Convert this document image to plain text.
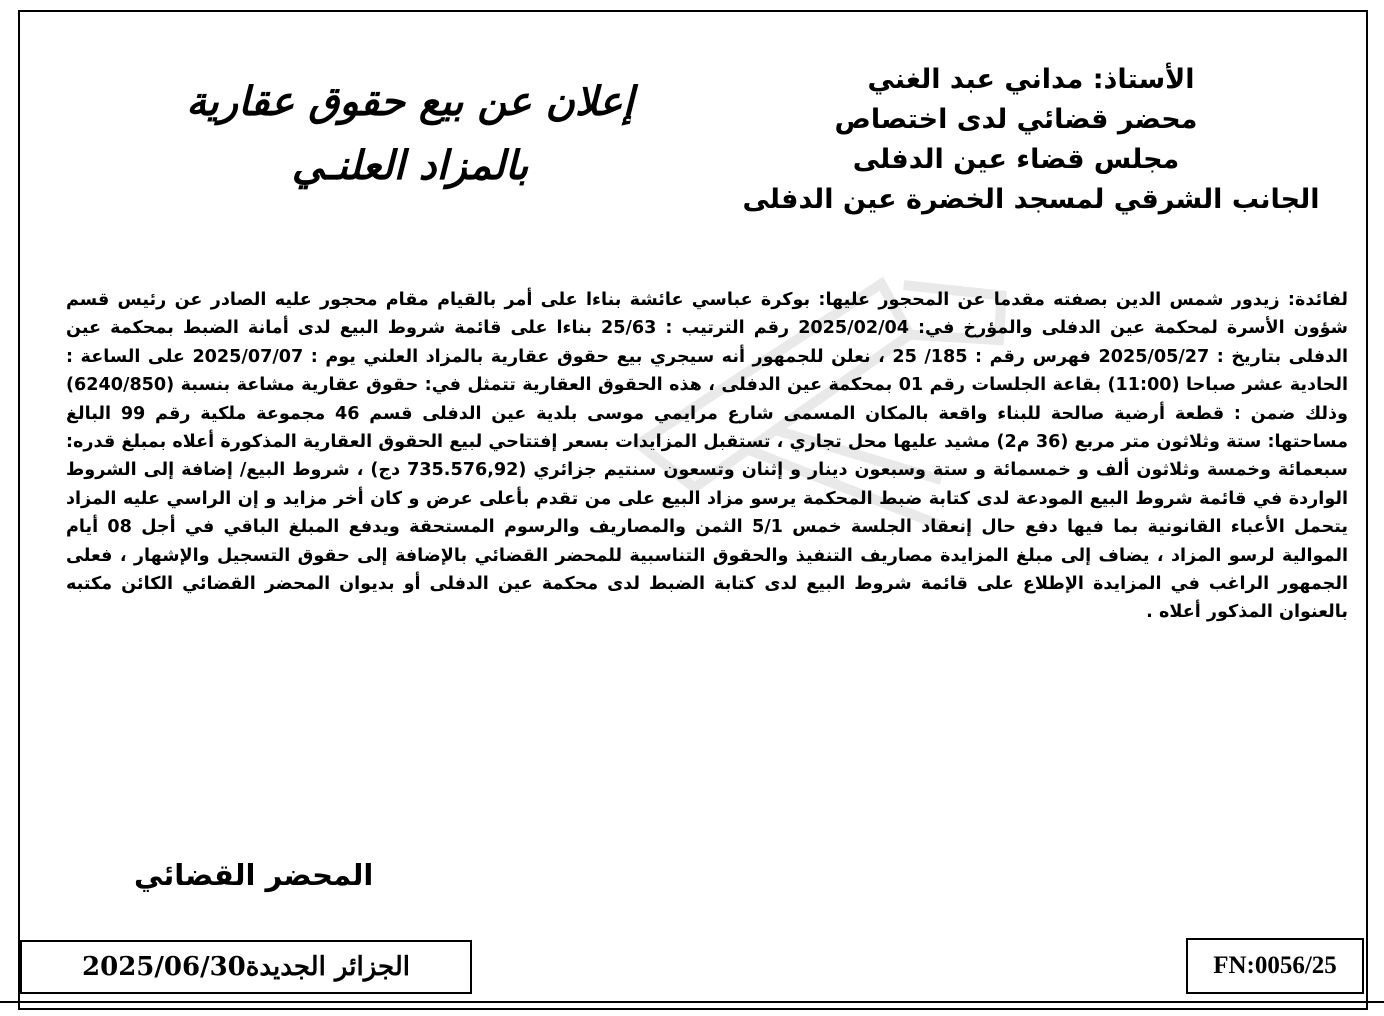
الأستاذ: مداني عبد الغني
محضر قضائي لدى اختصاص
مجلس قضاء عين الدفلى
الجانب الشرقي لمسجد الخضرة عين الدفلى
إعلان عن بيع حقوق عقارية
بالمزاد العلنـي

لفائدة: زيدور شمس الدين بصفته مقدما عن المحجور عليها: بوكرة عباسي عائشة بناءا على أمر بالقيام مقام محجور عليه الصادر عن رئيس قسم شؤون الأسرة لمحكمة عين الدفلى والمؤرخ في: 2025/02/04 رقم الترتيب : 25/63 بناءا على قائمة شروط البيع لدى أمانة الضبط بمحكمة عين الدفلى بتاريخ : 2025/05/27 فهرس رقم : 185/ 25 ، نعلن للجمهور أنه سيجري بيع حقوق عقارية بالمزاد العلني يوم : 2025/07/07 على الساعة : الحادية عشر صباحا (11:00) بقاعة الجلسات رقم 01 بمحكمة عين الدفلى ، هذه الحقوق العقارية تتمثل في: حقوق عقارية مشاعة بنسبة (6240/850) وذلك ضمن : قطعة أرضية صالحة للبناء واقعة بالمكان المسمى شارع مرايمي موسى بلدية عين الدفلى قسم 46 مجموعة ملكية رقم 99 البالغ مساحتها: ستة وثلاثون متر مربع (36 م2) مشيد عليها محل تجاري ، تستقبل المزايدات بسعر إفتتاحي لبيع الحقوق العقارية المذكورة أعلاه بمبلغ قدره: سبعمائة وخمسة وثلاثون ألف و خمسمائة و ستة وسبعون دينار و إثنان وتسعون سنتيم جزائري (735.576,92 دج) ، شروط البيع/ إضافة إلى الشروط الواردة في قائمة شروط البيع المودعة لدى كتابة ضبط المحكمة يرسو مزاد البيع على من تقدم بأعلى عرض و كان أخر مزايد و إن الراسي عليه المزاد يتحمل الأعباء القانونية بما فيها دفع حال إنعقاد الجلسة خمس 5/1 الثمن والمصاريف والرسوم المستحقة ويدفع المبلغ الباقي في أجل 08 أيام الموالية لرسو المزاد ، يضاف إلى مبلغ المزايدة مصاريف التنفيذ والحقوق التناسبية للمحضر القضائي بالإضافة إلى حقوق التسجيل والإشهار ، فعلى الجمهور الراغب في المزايدة الإطلاع على قائمة شروط البيع لدى كتابة الضبط لدى محكمة عين الدفلى أو بديوان المحضر القضائي الكائن مكتبه بالعنوان المذكور أعلاه .

المحضر القضائي
الجزائر الجديدة2025/06/30	FN:0056/25
